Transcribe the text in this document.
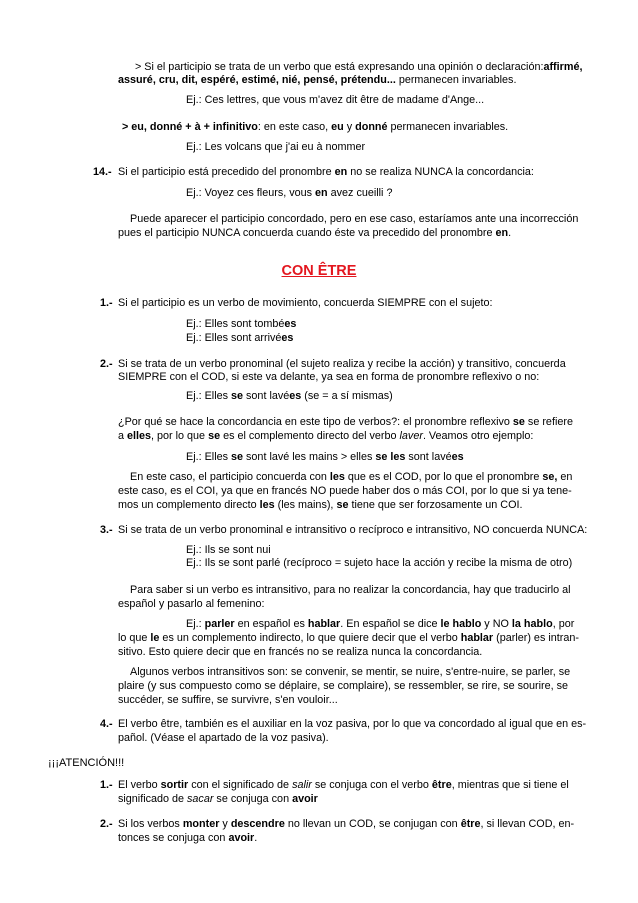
> Si el participio se trata de un verbo que está expresando una opinión o declaración:affirmé,
assuré, cru, dit, espéré, estimé, nié, pensé, prétendu... permanecen invariables.
Ej.: Ces lettres, que vous m'avez dit être de madame d'Ange...
> eu, donné + à + infinitivo: en este caso, eu y donné permanecen invariables.
Ej.: Les volcans que j'ai eu à nommer
14.- Si el participio está precedido del pronombre en no se realiza NUNCA la concordancia:
Ej.: Voyez ces fleurs, vous en avez cueilli ?
Puede aparecer el participio concordado, pero en ese caso, estaríamos ante una incorrección
pues el participio NUNCA concuerda cuando éste va precedido del pronombre en.
CON ÊTRE
1.- Si el participio es un verbo de movimiento, concuerda SIEMPRE con el sujeto:
Ej.: Elles sont tombées
Ej.: Elles sont arrivées
2.- Si se trata de un verbo pronominal (el sujeto realiza y recibe la acción) y transitivo, concuerda
SIEMPRE con el COD, si este va delante, ya sea en forma de pronombre reflexivo o no:
Ej.: Elles se sont lavées (se = a sí mismas)
¿Por qué se hace la concordancia en este tipo de verbos?: el pronombre reflexivo se se refiere
a elles, por lo que se es el complemento directo del verbo laver. Veamos otro ejemplo:
Ej.: Elles se sont lavé les mains > elles se les sont lavées
En este caso, el participio concuerda con les que es el COD, por lo que el pronombre se, en
este caso, es el COI, ya que en francés NO puede haber dos o más COI, por lo que si ya tene-
mos un complemento directo les (les mains), se tiene que ser forzosamente un COI.
3.- Si se trata de un verbo pronominal e intransitivo o recíproco e intransitivo, NO concuerda NUNCA:
Ej.: Ils se sont nui
Ej.: Ils se sont parlé (recíproco = sujeto hace la acción y recibe la misma de otro)
Para saber si un verbo es intransitivo, para no realizar la concordancia, hay que traducirlo al
español y pasarlo al femenino:
Ej.: parler en español es hablar. En español se dice le hablo y NO la hablo, por
lo que le es un complemento indirecto, lo que quiere decir que el verbo hablar (parler) es intran-
sitivo. Esto quiere decir que en francés no se realiza nunca la concordancia.
Algunos verbos intransitivos son: se convenir, se mentir, se nuire, s'entre-nuire, se parler, se
plaire (y sus compuesto como se déplaire, se complaire), se ressembler, se rire, se sourire, se
succéder, se suffire, se survivre, s'en vouloir...
4.- El verbo être, también es el auxiliar en la voz pasiva, por lo que va concordado al igual que en es-
pañol. (Véase el apartado de la voz pasiva).
¡¡¡ATENCIÓN!!!
1.- El verbo sortir con el significado de salir se conjuga con el verbo être, mientras que si tiene el
significado de sacar se conjuga con avoir
2.- Si los verbos monter y descendre no llevan un COD, se conjugan con être, si llevan COD, en-
tonces se conjuga con avoir.
